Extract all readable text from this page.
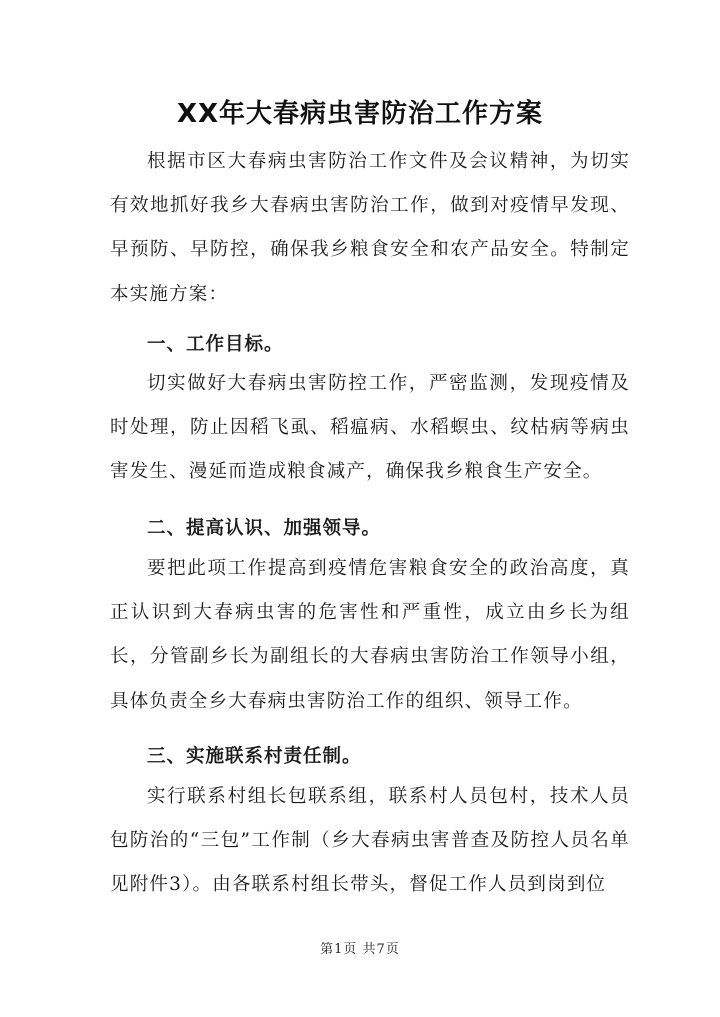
XX年大春病虫害防治工作方案

根据市区大春病虫害防治工作文件及会议精神，为切实有效地抓好我乡大春病虫害防治工作，做到对疫情早发现、早预防、早防控，确保我乡粮食安全和农产品安全。特制定本实施方案：

一、工作目标。

切实做好大春病虫害防控工作，严密监测，发现疫情及时处理，防止因稻飞虱、稻瘟病、水稻螟虫、纹枯病等病虫害发生、漫延而造成粮食减产，确保我乡粮食生产安全。

二、提高认识、加强领导。

要把此项工作提高到疫情危害粮食安全的政治高度，真正认识到大春病虫害的危害性和严重性，成立由乡长为组长，分管副乡长为副组长的大春病虫害防治工作领导小组，具体负责全乡大春病虫害防治工作的组织、领导工作。

三、实施联系村责任制。

实行联系村组长包联系组，联系村人员包村，技术人员包防治的“三包”工作制（乡大春病虫害普查及防控人员名单见附件3）。由各联系村组长带头，督促工作人员到岗到位

第1页 共7页
